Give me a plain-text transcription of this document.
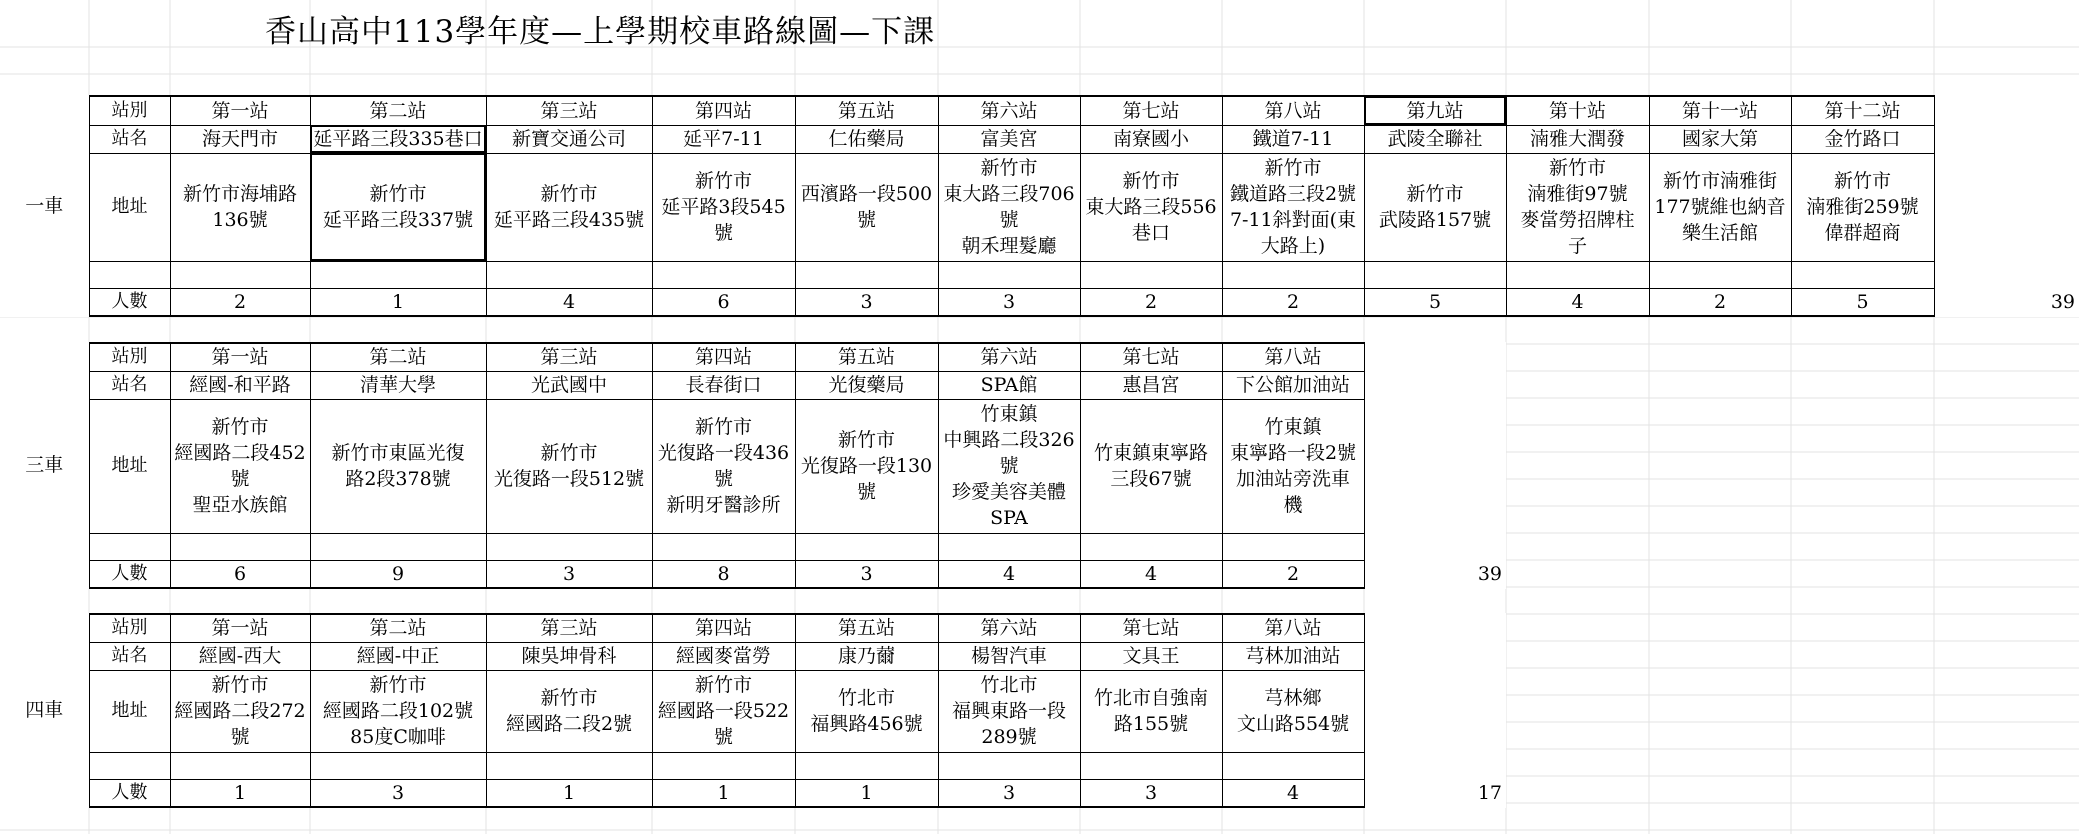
香山高中113學年度—上學期校車路線圖—下課
一車	站別	第一站	第二站	第三站	第四站	第五站	第六站	第七站	第八站	第九站	第十站	第十一站	第十二站	
	站名	海天門市	延平路三段335巷口	新寶交通公司	延平7-11	仁佑藥局	富美宮	南寮國小	鐵道7-11	武陵全聯社	湳雅大潤發	國家大第	金竹路口	
	地址	新竹市海埔路
136號	新竹市
延平路三段337號	新竹市
延平路三段435號	新竹市
延平路3段545
號	西濱路一段500
號	新竹市
東大路三段706
號
朝禾理髮廳	新竹市
東大路三段556
巷口	新竹市
鐵道路三段2號
7-11斜對面(東
大路上)	新竹市
武陵路157號	新竹市
湳雅街97號
麥當勞招牌柱
子	新竹市湳雅街
177號維也納音
樂生活館	新竹市
湳雅街259號
偉群超商	

	人數	2	1	4	6	3	3	2	2	5	4	2	5	39
三車	站別	第一站	第二站	第三站	第四站	第五站	第六站	第七站	第八站	
	站名	經國-和平路	清華大學	光武國中	長春街口	光復藥局	SPA館	惠昌宮	下公館加油站	
	地址	新竹市
經國路二段452
號
聖亞水族館	新竹市東區光復
路2段378號	新竹市
光復路一段512號	新竹市
光復路一段436
號
新明牙醫診所	新竹市
光復路一段130
號	竹東鎮
中興路二段326
號
珍愛美容美體
SPA	竹東鎮東寧路
三段67號	竹東鎮
東寧路一段2號
加油站旁洗車
機	

	人數	6	9	3	8	3	4	4	2	39
四車	站別	第一站	第二站	第三站	第四站	第五站	第六站	第七站	第八站	
	站名	經國-西大	經國-中正	陳吳坤骨科	經國麥當勞	康乃薾	楊智汽車	文具王	芎林加油站	
	地址	新竹市
經國路二段272
號	新竹市
經國路二段102號
85度C咖啡	新竹市
經國路二段2號	新竹市
經國路一段522
號	竹北市
福興路456號	竹北市
福興東路一段
289號	竹北市自強南
路155號	芎林鄉
文山路554號	

	人數	1	3	1	1	1	3	3	4	17
